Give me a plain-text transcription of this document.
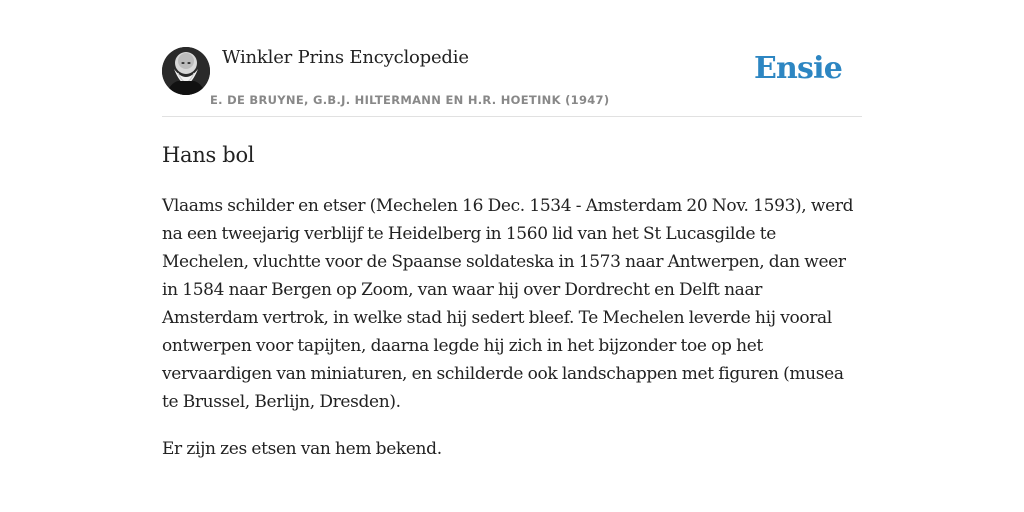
Winkler Prins Encyclopedie
E. DE BRUYNE, G.B.J. HILTERMANN EN H.R. HOETINK (1947)
Ensie
Hans bol

Vlaams schilder en etser (Mechelen 16 Dec. 1534 - Amsterdam 20 Nov. 1593), werd na een tweejarig verblijf te Heidelberg in 1560 lid van het St Lucasgilde te Mechelen, vluchtte voor de Spaanse soldateska in 1573 naar Antwerpen, dan weer in 1584 naar Bergen op Zoom, van waar hij over Dordrecht en Delft naar Amsterdam vertrok, in welke stad hij sedert bleef. Te Mechelen leverde hij vooral ontwerpen voor tapijten, daarna legde hij zich in het bijzonder toe op het vervaardigen van miniaturen, en schilderde ook landschappen met figuren (musea te Brussel, Berlijn, Dresden).

Er zijn zes etsen van hem bekend.
